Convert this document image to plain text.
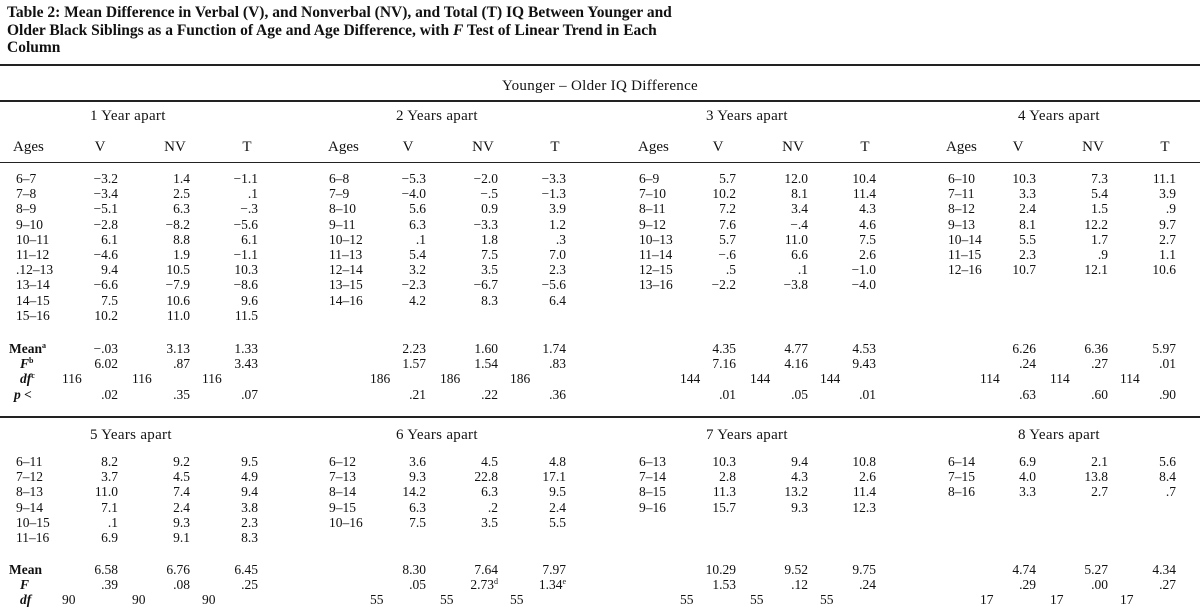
Table 2: Mean Difference in Verbal (V), and Nonverbal (NV), and Total (T) IQ Between Younger and
Older Black Siblings as a Function of Age and Age Difference, with F Test of Linear Trend in Each
Column
Younger – Older IQ Difference
1 Year apart
Ages	V	NV	T
6–7	−3.2	1.4	−1.1
7–8	−3.4	2.5	.1
8–9	−5.1	6.3	−.3
9–10	−2.8	−8.2	−5.6
10–11	6.1	8.8	6.1
11–12	−4.6	1.9	−1.1
.12–13	9.4	10.5	10.3
13–14	−6.6	−7.9	−8.6
14–15	7.5	10.6	9.6
15–16	10.2	11.0	11.5
Mean$^a$	−.03	3.13	1.33
$F^b$	6.02	.87	3.43
$df^c$ 116	116	116
p <	.02	.35	.07
2 Years apart
Ages	V	NV	T
6–8	−5.3	−2.0	−3.3
7–9	−4.0	−.5	−1.3
8–10	5.6	0.9	3.9
9–11	6.3	−3.3	1.2
10–12	.1	1.8	.3
11–13	5.4	7.5	7.0
12–14	3.2	3.5	2.3
13–15	−2.3	−6.7	−5.6
14–16	4.2	8.3	6.4
2.23	1.60	1.74
1.57	1.54	.83
186	186	186
.21	.22	.36
3 Years apart
Ages	V	NV	T
6–9	5.7	12.0	10.4
7–10	10.2	8.1	11.4
8–11	7.2	3.4	4.3
9–12	7.6	−.4	4.6
10–13	5.7	11.0	7.5
11–14	−.6	6.6	2.6
12–15	.5	.1	−1.0
13–16	−2.2	−3.8	−4.0
4.35	4.77	4.53
7.16	4.16	9.43
144	144	144
.01	.05	.01
4 Years apart
Ages	V	NV	T
6–10	10.3	7.3	11.1
7–11	3.3	5.4	3.9
8–12	2.4	1.5	.9
9–13	8.1	12.2	9.7
10–14	5.5	1.7	2.7
11–15	2.3	.9	1.1
12–16	10.7	12.1	10.6
6.26	6.36	5.97
.24	.27	.01
114	114	114
.63	.60	.90
5 Years apart
6–11	8.2	9.2	9.5
7–12	3.7	4.5	4.9
8–13	11.0	7.4	9.4
9–14	7.1	2.4	3.8
10–15	.1	9.3	2.3
11–16	6.9	9.1	8.3
Mean	6.58	6.76	6.45
F	.39	.08	.25
df 90	90	90
6 Years apart
6–12	3.6	4.5	4.8
7–13	9.3	22.8	17.1
8–14	14.2	6.3	9.5
9–15	6.3	.2	2.4
10–16	7.5	3.5	5.5
8.30	7.64	7.97
.05	2.73$^d$	1.34e
55	55	55
7 Years apart
6–13	10.3	9.4	10.8
7–14	2.8	4.3	2.6
8–15	11.3	13.2	11.4
9–16	15.7	9.3	12.3
10.29	9.52	9.75
1.53	.12	.24
55	55	55
8 Years apart
6–14	6.9	2.1	5.6
7–15	4.0	13.8	8.4
8–16	3.3	2.7	.7
4.74	5.27	4.34
.29	.00	.27
17	17	17
